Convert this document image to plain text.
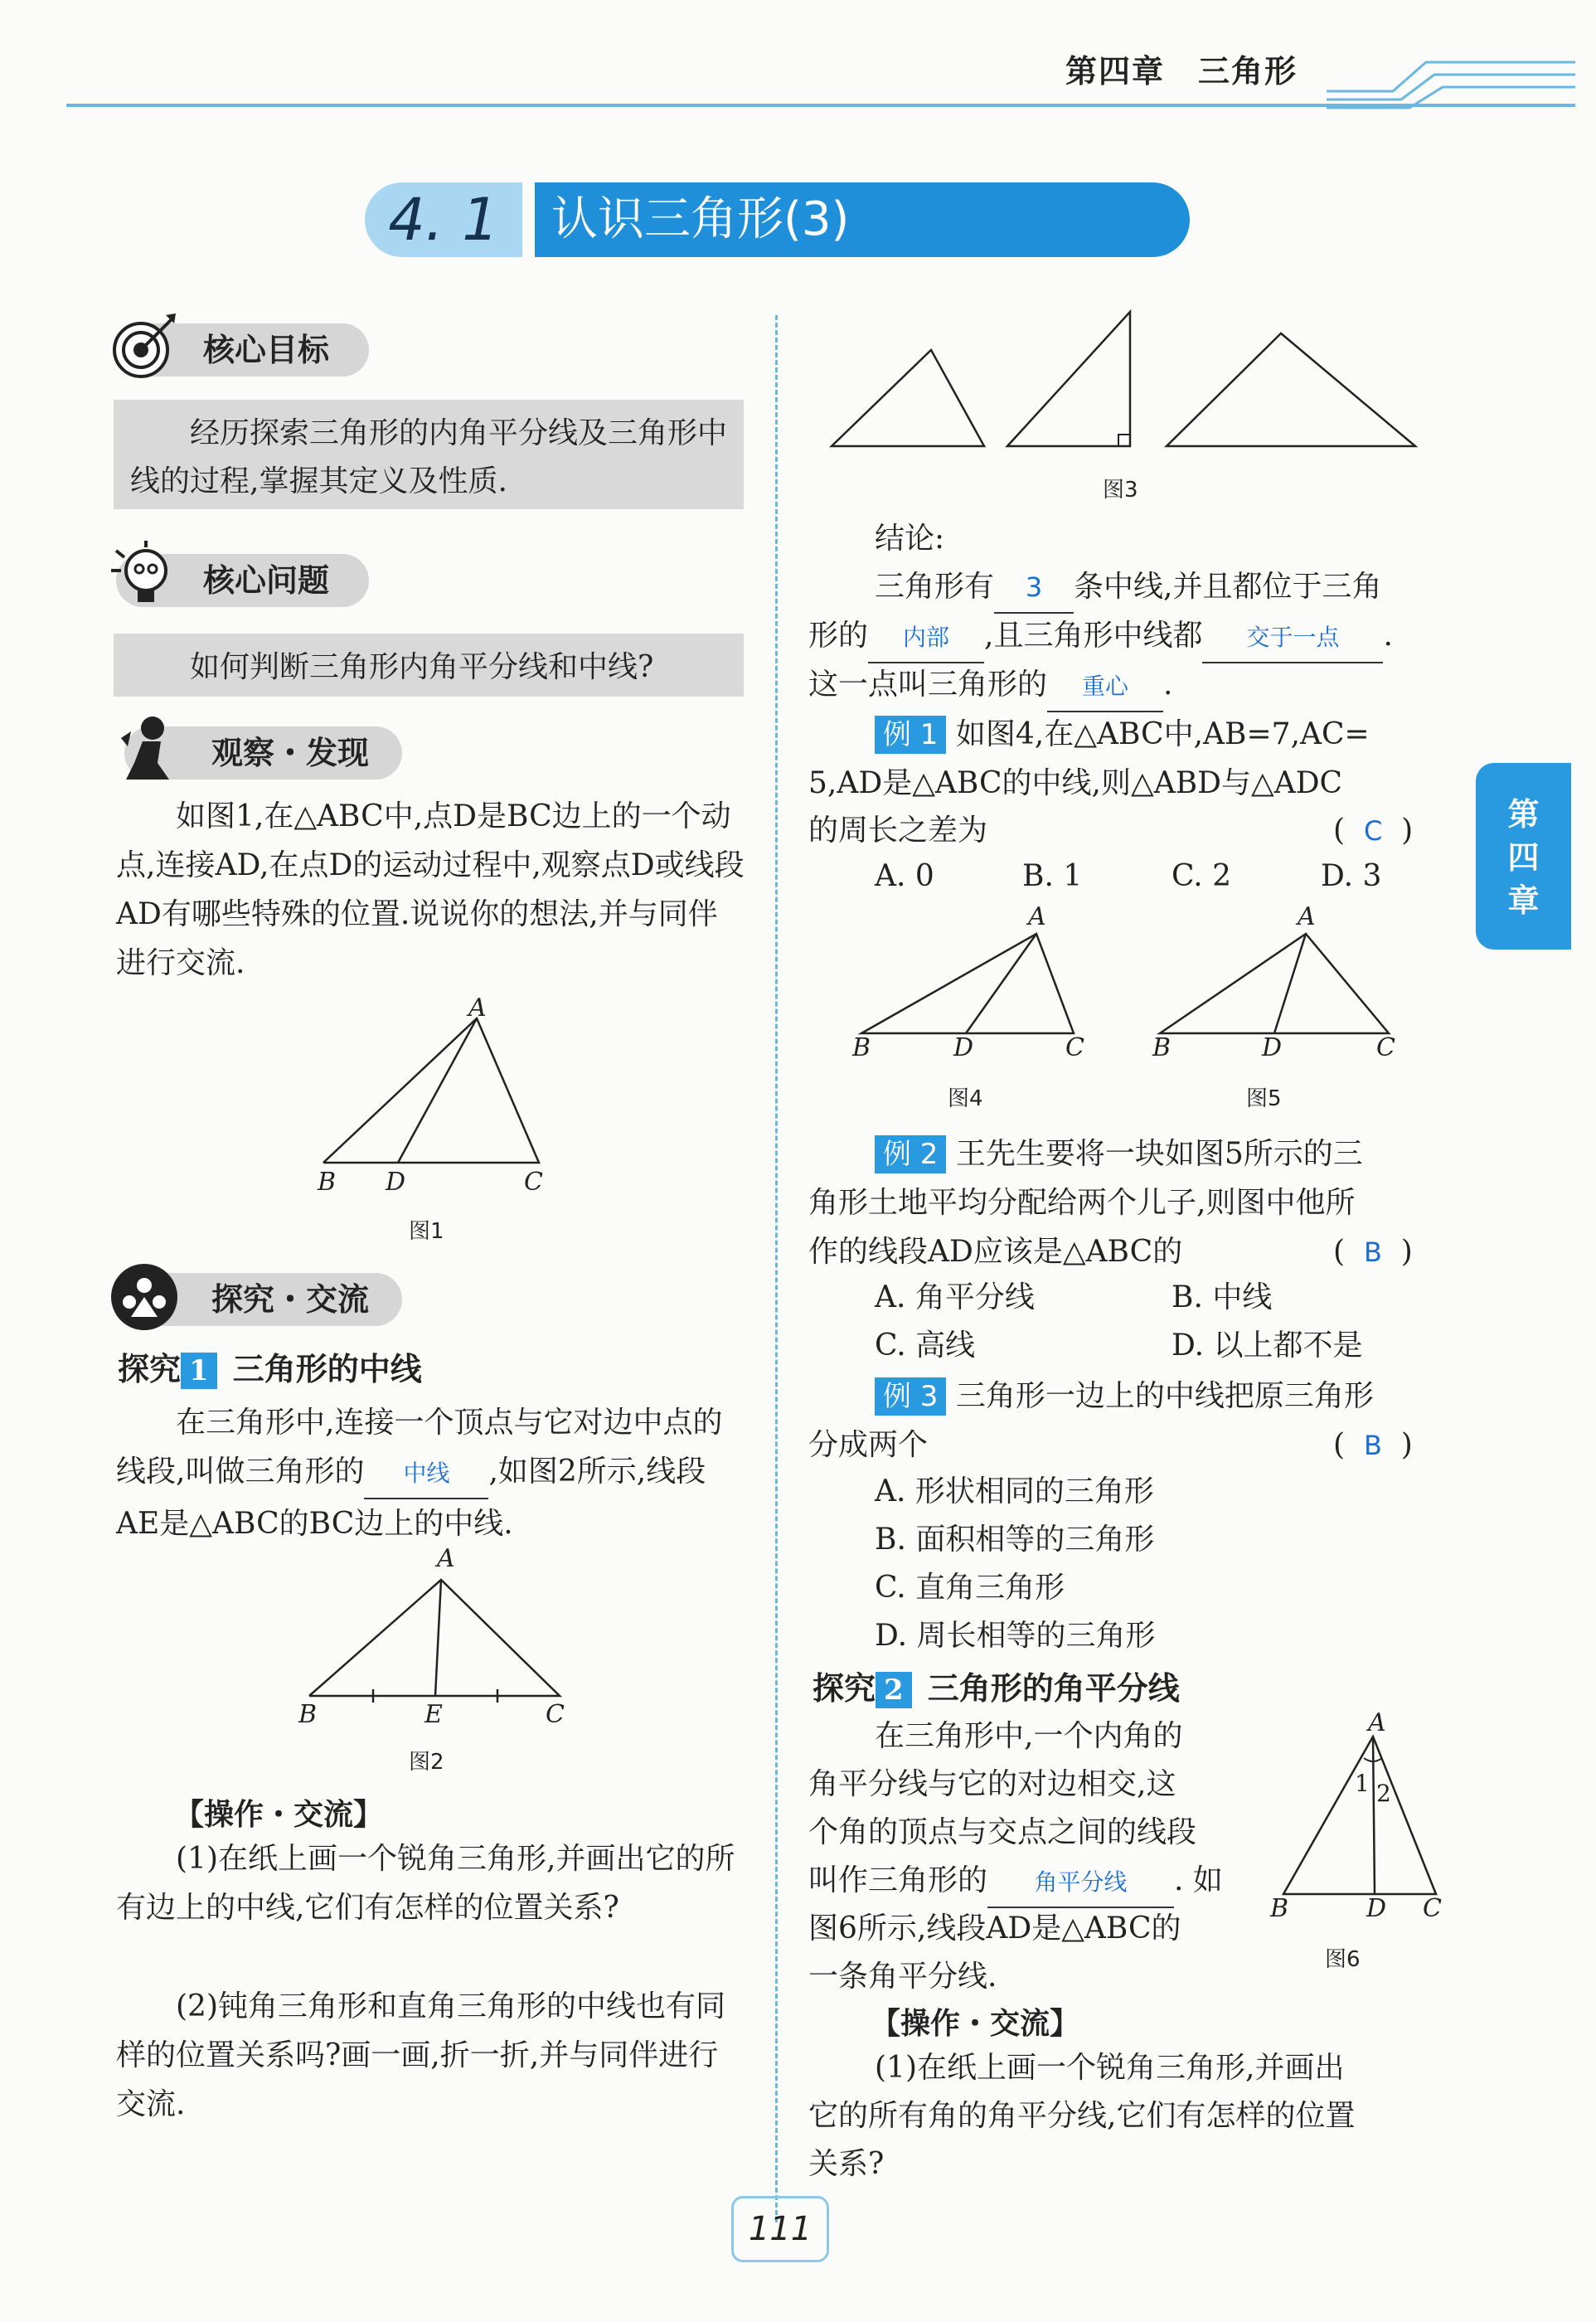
第四章　三角形
4. 1	认识三角形(3)
核心目标
经历探索三角形的内角平分线及三角形中线的过程,掌握其定义及性质.
核心问题
如何判断三角形内角平分线和中线?
观察・发现
如图1,在△ABC中,点D是BC边上的一个动点,连接AD,在点D的运动过程中,观察点D或线段AD有哪些特殊的位置.说说你的想法,并与同伴进行交流.
A
B D	C
图1
探究・交流
探究 1 三角形的中线
在三角形中,连接一个顶点与它对边中点的线段,叫做三角形的 中线 ,如图2所示,线段AE是△ABC的BC边上的中线.
A
B	E	C
图2
【操作・交流】
(1)在纸上画一个锐角三角形,并画出它的所有边上的中线,它们有怎样的位置关系?
(2)钝角三角形和直角三角形的中线也有同样的位置关系吗?画一画,折一折,并与同伴进行交流.
图3
结论:
三角形有 3 条中线,并且都位于三角
形的 内部 ,且三角形中线都 交于一点 .
这一点叫三角形的 重心 .
例 1 如图4,在△ABC中,AB=7,AC=
5,AD是△ABC的中线,则△ABD与△ADC
的周长之差为	(  C  )
A. 0	B. 1	C. 2	D. 3
A
B	D	C
图4
A
B	D	C
图5
例 2 王先生要将一块如图5所示的三
角形土地平均分配给两个儿子,则图中他所
作的线段AD应该是△ABC的	(  B  )
A. 角平分线	B. 中线
C. 高线	D. 以上都不是
例 3 三角形一边上的中线把原三角形
分成两个	(  B  )
A. 形状相同的三角形
B. 面积相等的三角形
C. 直角三角形
D. 周长相等的三角形
探究 2 三角形的角平分线
在三角形中,一个内角的
角平分线与它的对边相交,这
个角的顶点与交点之间的线段
叫作三角形的 角平分线 . 如
图6所示,线段AD是△ABC的
一条角平分线.
A
1 2
B	D C
图6
【操作・交流】
(1)在纸上画一个锐角三角形,并画出
它的所有角的角平分线,它们有怎样的位置
关系?
第四章
111
